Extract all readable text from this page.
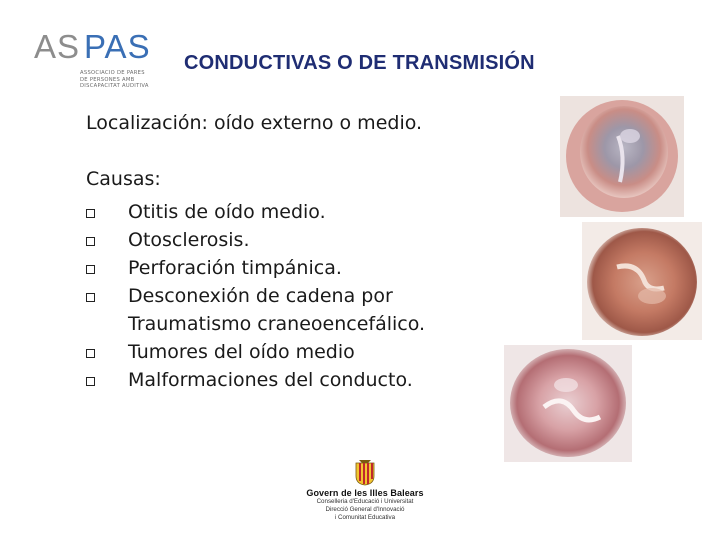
AS PAS
ASSOCIACIO DE PARES DE PERSONES AMB DISCAPACITAT AUDITIVA
CONDUCTIVAS O DE TRANSMISIÓN
Localización: oído externo o medio.
Causas:
Otitis de oído medio.
Otosclerosis.
Perforación timpánica.
Desconexión de cadena por
Traumatismo craneoencefálico.
Tumores del oído medio
Malformaciones del conducto.
Govern de les Illes Balears
Conselleria d'Educació i Universitat
Direcció General d'Innovació
i Comunitat Educativa
